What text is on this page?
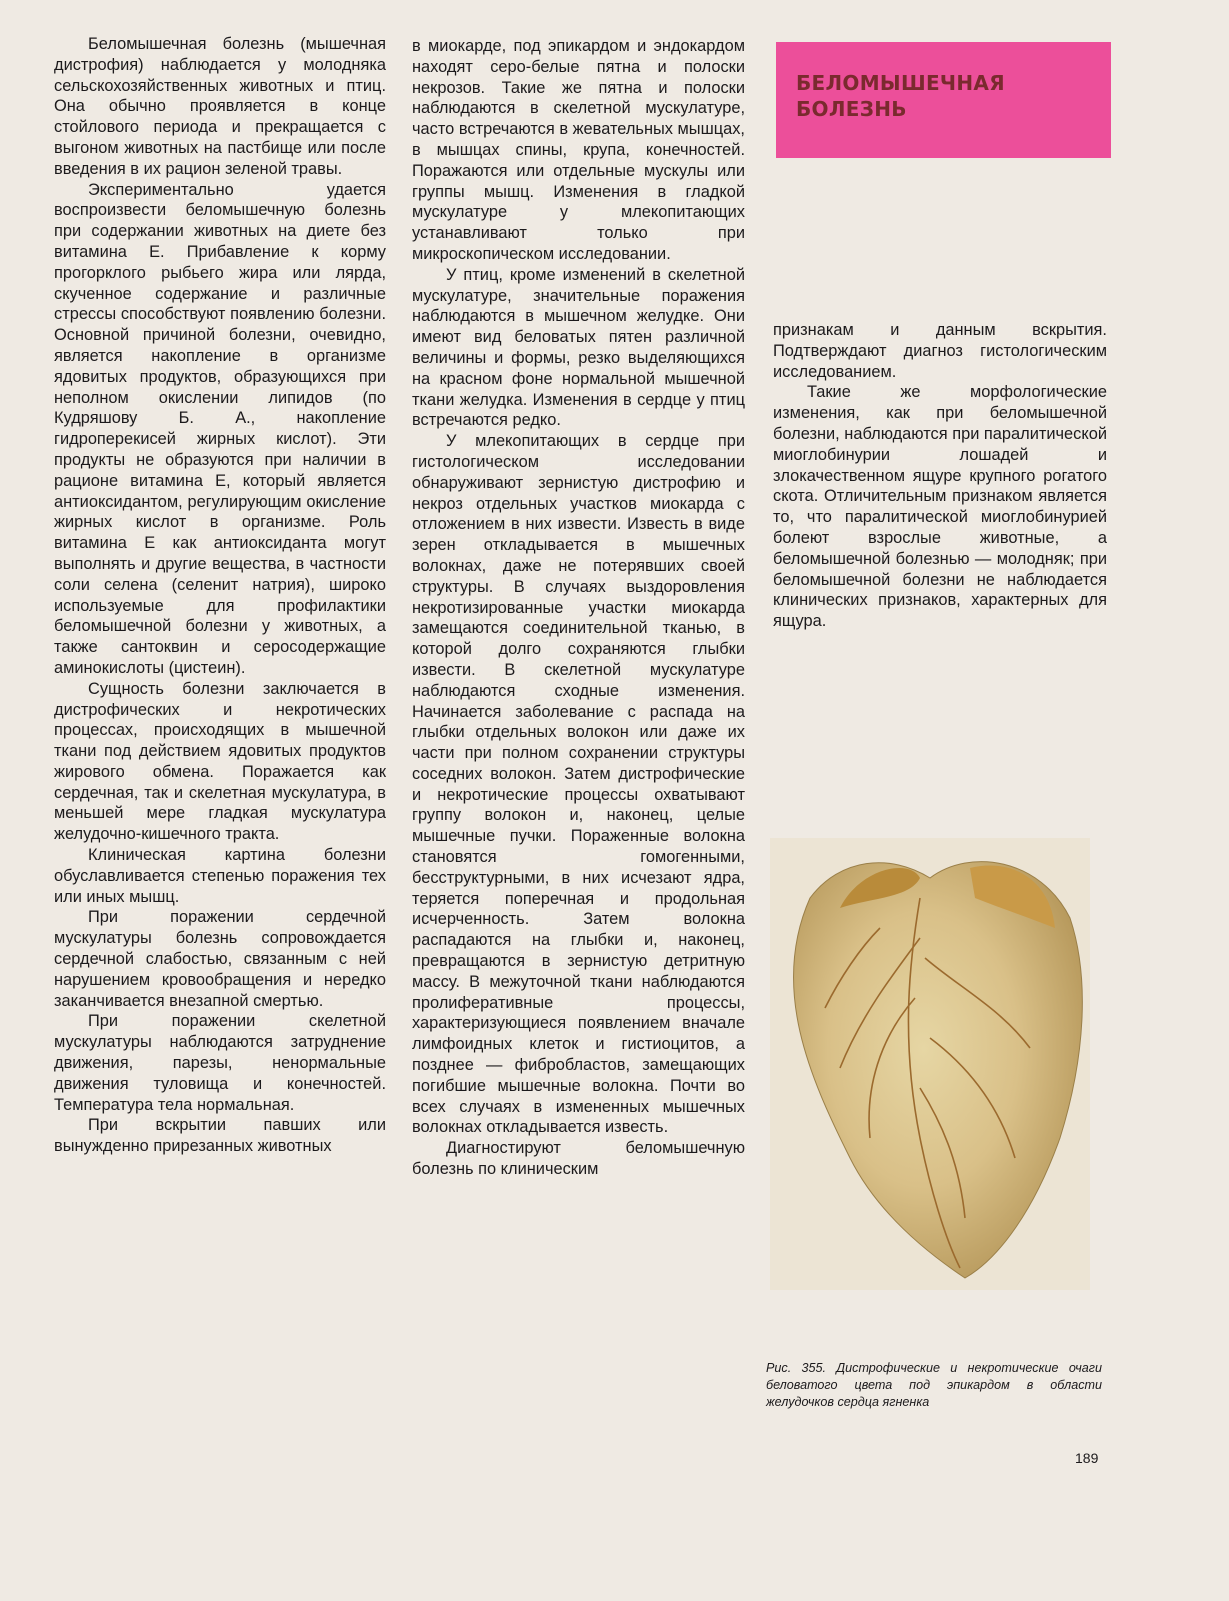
Беломышечная болезнь (мышечная дистрофия) наблюдается у молодняка сельскохозяйственных животных и птиц. Она обычно проявляется в конце стойлового периода и прекращается с выгоном животных на пастбище или после введения в их рацион зеленой травы.

Экспериментально удается воспроизвести беломышечную болезнь при содержании животных на диете без витамина Е. Прибавление к корму прогорклого рыбьего жира или лярда, скученное содержание и различные стрессы способствуют появлению болезни. Основной причиной болезни, очевидно, является накопление в организме ядовитых продуктов, образующихся при неполном окислении липидов (по Кудряшову Б. А., накопление гидроперекисей жирных кислот). Эти продукты не образуются при наличии в рационе витамина Е, который является антиоксидантом, регулирующим окисление жирных кислот в организме. Роль витамина Е как антиоксиданта могут выполнять и другие вещества, в частности соли селена (селенит натрия), широко используемые для профилактики беломышечной болезни у животных, а также сантоквин и серосодержащие аминокислоты (цистеин).

Сущность болезни заключается в дистрофических и некротических процессах, происходящих в мышечной ткани под действием ядовитых продуктов жирового обмена. Поражается как сердечная, так и скелетная мускулатура, в меньшей мере гладкая мускулатура желудочно-кишечного тракта.

Клиническая картина болезни обуславливается степенью поражения тех или иных мышц.

При поражении сердечной мускулатуры болезнь сопровождается сердечной слабостью, связанным с ней нарушением кровообращения и нередко заканчивается внезапной смертью.

При поражении скелетной мускулатуры наблюдаются затруднение движения, парезы, ненормальные движения туловища и конечностей. Температура тела нормальная.

При вскрытии павших или вынужденно прирезанных животных

в миокарде, под эпикардом и эндокардом находят серо-белые пятна и полоски некрозов. Такие же пятна и полоски наблюдаются в скелетной мускулатуре, часто встречаются в жевательных мышцах, в мышцах спины, крупа, конечностей. Поражаются или отдельные мускулы или группы мышц. Изменения в гладкой мускулатуре у млекопитающих устанавливают только при микроскопическом исследовании.

У птиц, кроме изменений в скелетной мускулатуре, значительные поражения наблюдаются в мышечном желудке. Они имеют вид беловатых пятен различной величины и формы, резко выделяющихся на красном фоне нормальной мышечной ткани желудка. Изменения в сердце у птиц встречаются редко.

У млекопитающих в сердце при гистологическом исследовании обнаруживают зернистую дистрофию и некроз отдельных участков миокарда с отложением в них извести. Известь в виде зерен откладывается в мышечных волокнах, даже не потерявших своей структуры. В случаях выздоровления некротизированные участки миокарда замещаются соединительной тканью, в которой долго сохраняются глыбки извести. В скелетной мускулатуре наблюдаются сходные изменения. Начинается заболевание с распада на глыбки отдельных волокон или даже их части при полном сохранении структуры соседних волокон. Затем дистрофические и некротические процессы охватывают группу волокон и, наконец, целые мышечные пучки. Пораженные волокна становятся гомогенными, бесструктурными, в них исчезают ядра, теряется поперечная и продольная исчерченность. Затем волокна распадаются на глыбки и, наконец, превращаются в зернистую детритную массу. В межуточной ткани наблюдаются пролиферативные процессы, характеризующиеся появлением вначале лимфоидных клеток и гистиоцитов, а позднее — фибробластов, замещающих погибшие мышечные волокна. Почти во всех случаях в измененных мышечных волокнах откладывается известь.

Диагностируют беломышечную болезнь по клиническим

БЕЛОМЫШЕЧНАЯ
БОЛЕЗНЬ

признакам и данным вскрытия. Подтверждают диагноз гистологическим исследованием.

Такие же морфологические изменения, как при беломышечной болезни, наблюдаются при паралитической миоглобинурии лошадей и злокачественном ящуре крупного рогатого скота. Отличительным признаком является то, что паралитической миоглобинурией болеют взрослые животные, а беломышечной болезнью — молодняк; при беломышечной болезни не наблюдается клинических признаков, характерных для ящура.

Рис. 355. Дистрофические и некротические очаги беловатого цвета под эпикардом в области желудочков сердца ягненка
189
